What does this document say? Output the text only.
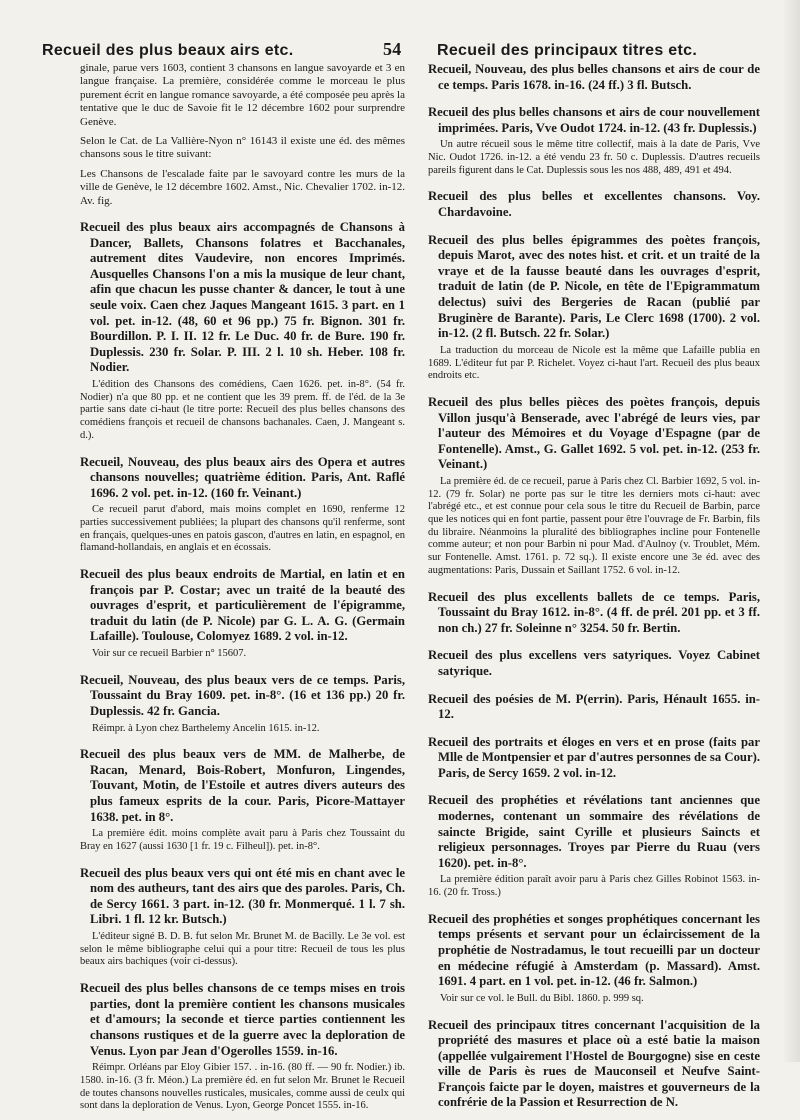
Recueil des plus beaux airs etc.	54 Recueil des principaux titres etc.

ginale, parue vers 1603, contient 3 chansons en langue savoyarde et 3 en langue française. La première, considérée comme le morceau le plus purement écrit en langue romance savoyarde, a été composée peu après la tentative que le duc de Savoie fit le 12 décembre 1602 pour surprendre Genève.

Selon le Cat. de La Vallière-Nyon n° 16143 il existe une éd. des mêmes chansons sous le titre suivant:

Les Chansons de l'escalade faite par le savoyard contre les murs de la ville de Genève, le 12 décembre 1602. Amst., Nic. Chevalier 1702. in-12. Av. fig.

Recueil des plus beaux airs accompagnés de Chansons à Dancer, Ballets, Chansons folatres et Bacchanales, autrement dites Vaudevire, non encores Imprimés. Ausquelles Chansons l'on a mis la musique de leur chant, afin que chacun les pusse chanter & dancer, le tout à une seule voix. Caen chez Jaques Mangeant 1615. 3 part. en 1 vol. pet. in-12. (48, 60 et 96 pp.) 75 fr. Bignon. 301 fr. Bourdillon. P. I. II. 12 fr. Le Duc. 40 fr. de Bure. 190 fr. Duplessis. 230 fr. Solar. P. III. 2 l. 10 sh. Heber. 108 fr. Nodier.

L'édition des Chansons des comédiens, Caen 1626. pet. in-8°. (54 fr. Nodier) n'a que 80 pp. et ne contient que les 39 prem. ff. de l'éd. de la 3e partie sans date ci-haut (le titre porte: Recueil des plus belles chansons des comédiens françois et recueil de chansons bachanales. Caen, J. Mangeant s. d.).

Recueil, Nouveau, des plus beaux airs des Opera et autres chansons nouvelles; quatrième édition. Paris, Ant. Raflé 1696. 2 vol. pet. in-12. (160 fr. Veinant.)

Ce recueil parut d'abord, mais moins complet en 1690, renferme 12 parties successivement publiées; la plupart des chansons qu'il renferme, sont en français, quelques-unes en patois gascon, d'autres en latin, en espagnol, en flamand-hollandais, en anglais et en écossais.

Recueil des plus beaux endroits de Martial, en latin et en françois par P. Costar; avec un traité de la beauté des ouvrages d'esprit, et particulièrement de l'épigramme, traduit du latin (de P. Nicole) par G. L. A. G. (Germain Lafaille). Toulouse, Colomyez 1689. 2 vol. in-12.

Voir sur ce recueil Barbier n° 15607.

Recueil, Nouveau, des plus beaux vers de ce temps. Paris, Toussaint du Bray 1609. pet. in-8°. (16 et 136 pp.) 20 fr. Duplessis. 42 fr. Gancia.

Réimpr. à Lyon chez Barthelemy Ancelin 1615. in-12.

Recueil des plus beaux vers de MM. de Malherbe, de Racan, Menard, Bois-Robert, Monfuron, Lingendes, Touvant, Motin, de l'Estoile et autres divers auteurs des plus fameux esprits de la cour. Paris, Picore-Mattayer 1638. pet. in 8°.

La première édit. moins complète avait paru à Paris chez Toussaint du Bray en 1627 (aussi 1630 [1 fr. 19 c. Filheul]). pet. in-8°.

Recueil des plus beaux vers qui ont été mis en chant avec le nom des autheurs, tant des airs que des paroles. Paris, Ch. de Sercy 1661. 3 part. in-12. (30 fr. Monmerqué. 1 l. 7 sh. Libri. 1 fl. 12 kr. Butsch.)

L'éditeur signé B. D. B. fut selon Mr. Brunet M. de Bacilly. Le 3e vol. est selon le même bibliographe celui qui a pour titre: Recueil de tous les plus beaux airs bachiques (voir ci-dessus).

Recueil des plus belles chansons de ce temps mises en trois parties, dont la première contient les chansons musicales et d'amours; la seconde et tierce parties contiennent les chansons rustiques et de la guerre avec la deploration de Venus. Lyon par Jean d'Ogerolles 1559. in-16.

Réimpr. Orléans par Eloy Gibier 157. . in-16. (80 ff. — 90 fr. Nodier.) ib. 1580. in-16. (3 fr. Méon.) La première éd. en fut selon Mr. Brunet le Recueil de toutes chansons nouvelles rusticales, musicales, comme aussi de ceulx qui sont dans la deploration de Venus. Lyon, George Poncet 1555. in-16.

Recueil, Nouveau, des plus belles chansons et airs de cour de ce temps. Paris 1678. in-16. (24 ff.) 3 fl. Butsch.

Recueil des plus belles chansons et airs de cour nouvellement imprimées. Paris, Vve Oudot 1724. in-12. (43 fr. Duplessis.)

Un autre récueil sous le même titre collectif, mais à la date de Paris, Vve Nic. Oudot 1726. in-12. a été vendu 23 fr. 50 c. Duplessis. D'autres recueils pareils figurent dans le Cat. Duplessis sous les nos 488, 489, 491 et 494.

Recueil des plus belles et excellentes chansons. Voy. Chardavoine.

Recueil des plus belles épigrammes des poètes françois, depuis Marot, avec des notes hist. et crit. et un traité de la vraye et de la fausse beauté dans les ouvrages d'esprit, traduit de latin (de P. Nicole, en tête de l'Epigrammatum delectus) suivi des Bergeries de Racan (publié par Bruginère de Barante). Paris, Le Clerc 1698 (1700). 2 vol. in-12. (2 fl. Butsch. 22 fr. Solar.)

La traduction du morceau de Nicole est la même que Lafaille publia en 1689. L'éditeur fut par P. Richelet. Voyez ci-haut l'art. Recueil des plus beaux endroits etc.

Recueil des plus belles pièces des poètes françois, depuis Villon jusqu'à Benserade, avec l'abrégé de leurs vies, par l'auteur des Mémoires et du Voyage d'Espagne (par de Fontenelle). Amst., G. Gallet 1692. 5 vol. pet. in-12. (253 fr. Veinant.)

La première éd. de ce recueil, parue à Paris chez Cl. Barbier 1692, 5 vol. in-12. (79 fr. Solar) ne porte pas sur le titre les derniers mots ci-haut: avec l'abrégé etc., et est connue pour cela sous le titre du Recueil de Barbin, parce que les notices qui en font partie, passent pour être l'ouvrage de Fr. Barbin, fils du libraire. Néanmoins la pluralité des bibliographes incline pour Fontenelle comme auteur; et non pour Barbin ni pour Mad. d'Aulnoy (v. Troublet, Mém. sur Fontenelle. Amst. 1761. p. 72 sq.). Il existe encore une 3e éd. avec des augmentations: Paris, Dussain et Saillant 1752. 6 vol. in-12.

Recueil des plus excellents ballets de ce temps. Paris, Toussaint du Bray 1612. in-8°. (4 ff. de prél. 201 pp. et 3 ff. non ch.) 27 fr. Soleinne n° 3254. 50 fr. Bertin.

Recueil des plus excellens vers satyriques. Voyez Cabinet satyrique.

Recueil des poésies de M. P(errin). Paris, Hénault 1655. in-12.

Recueil des portraits et éloges en vers et en prose (faits par Mlle de Montpensier et par d'autres personnes de sa Cour). Paris, de Sercy 1659. 2 vol. in-12.

Recueil des prophéties et révélations tant anciennes que modernes, contenant un sommaire des révélations de saincte Brigide, saint Cyrille et plusieurs Saincts et religieux personnages. Troyes par Pierre du Ruau (vers 1620). pet. in-8°.

La première édition paraît avoir paru à Paris chez Gilles Robinot 1563. in-16. (20 fr. Tross.)

Recueil des prophéties et songes prophétiques concernant les temps présents et servant pour un éclaircissement de la prophétie de Nostradamus, le tout recueilli par un docteur en médecine réfugié à Amsterdam (p. Massard). Amst. 1691. 4 part. en 1 vol. pet. in-12. (46 fr. Salmon.)

Voir sur ce vol. le Bull. du Bibl. 1860. p. 999 sq.

Recueil des principaux titres concernant l'acquisition de la propriété des masures et place où a esté batie la maison (appellée vulgairement l'Hostel de Bourgogne) sise en ceste ville de Paris ès rues de Mauconseil et Neufve Saint-François faicte par le doyen, maistres et gouverneurs de la confrérie de la Passion et Resurrection de N.
